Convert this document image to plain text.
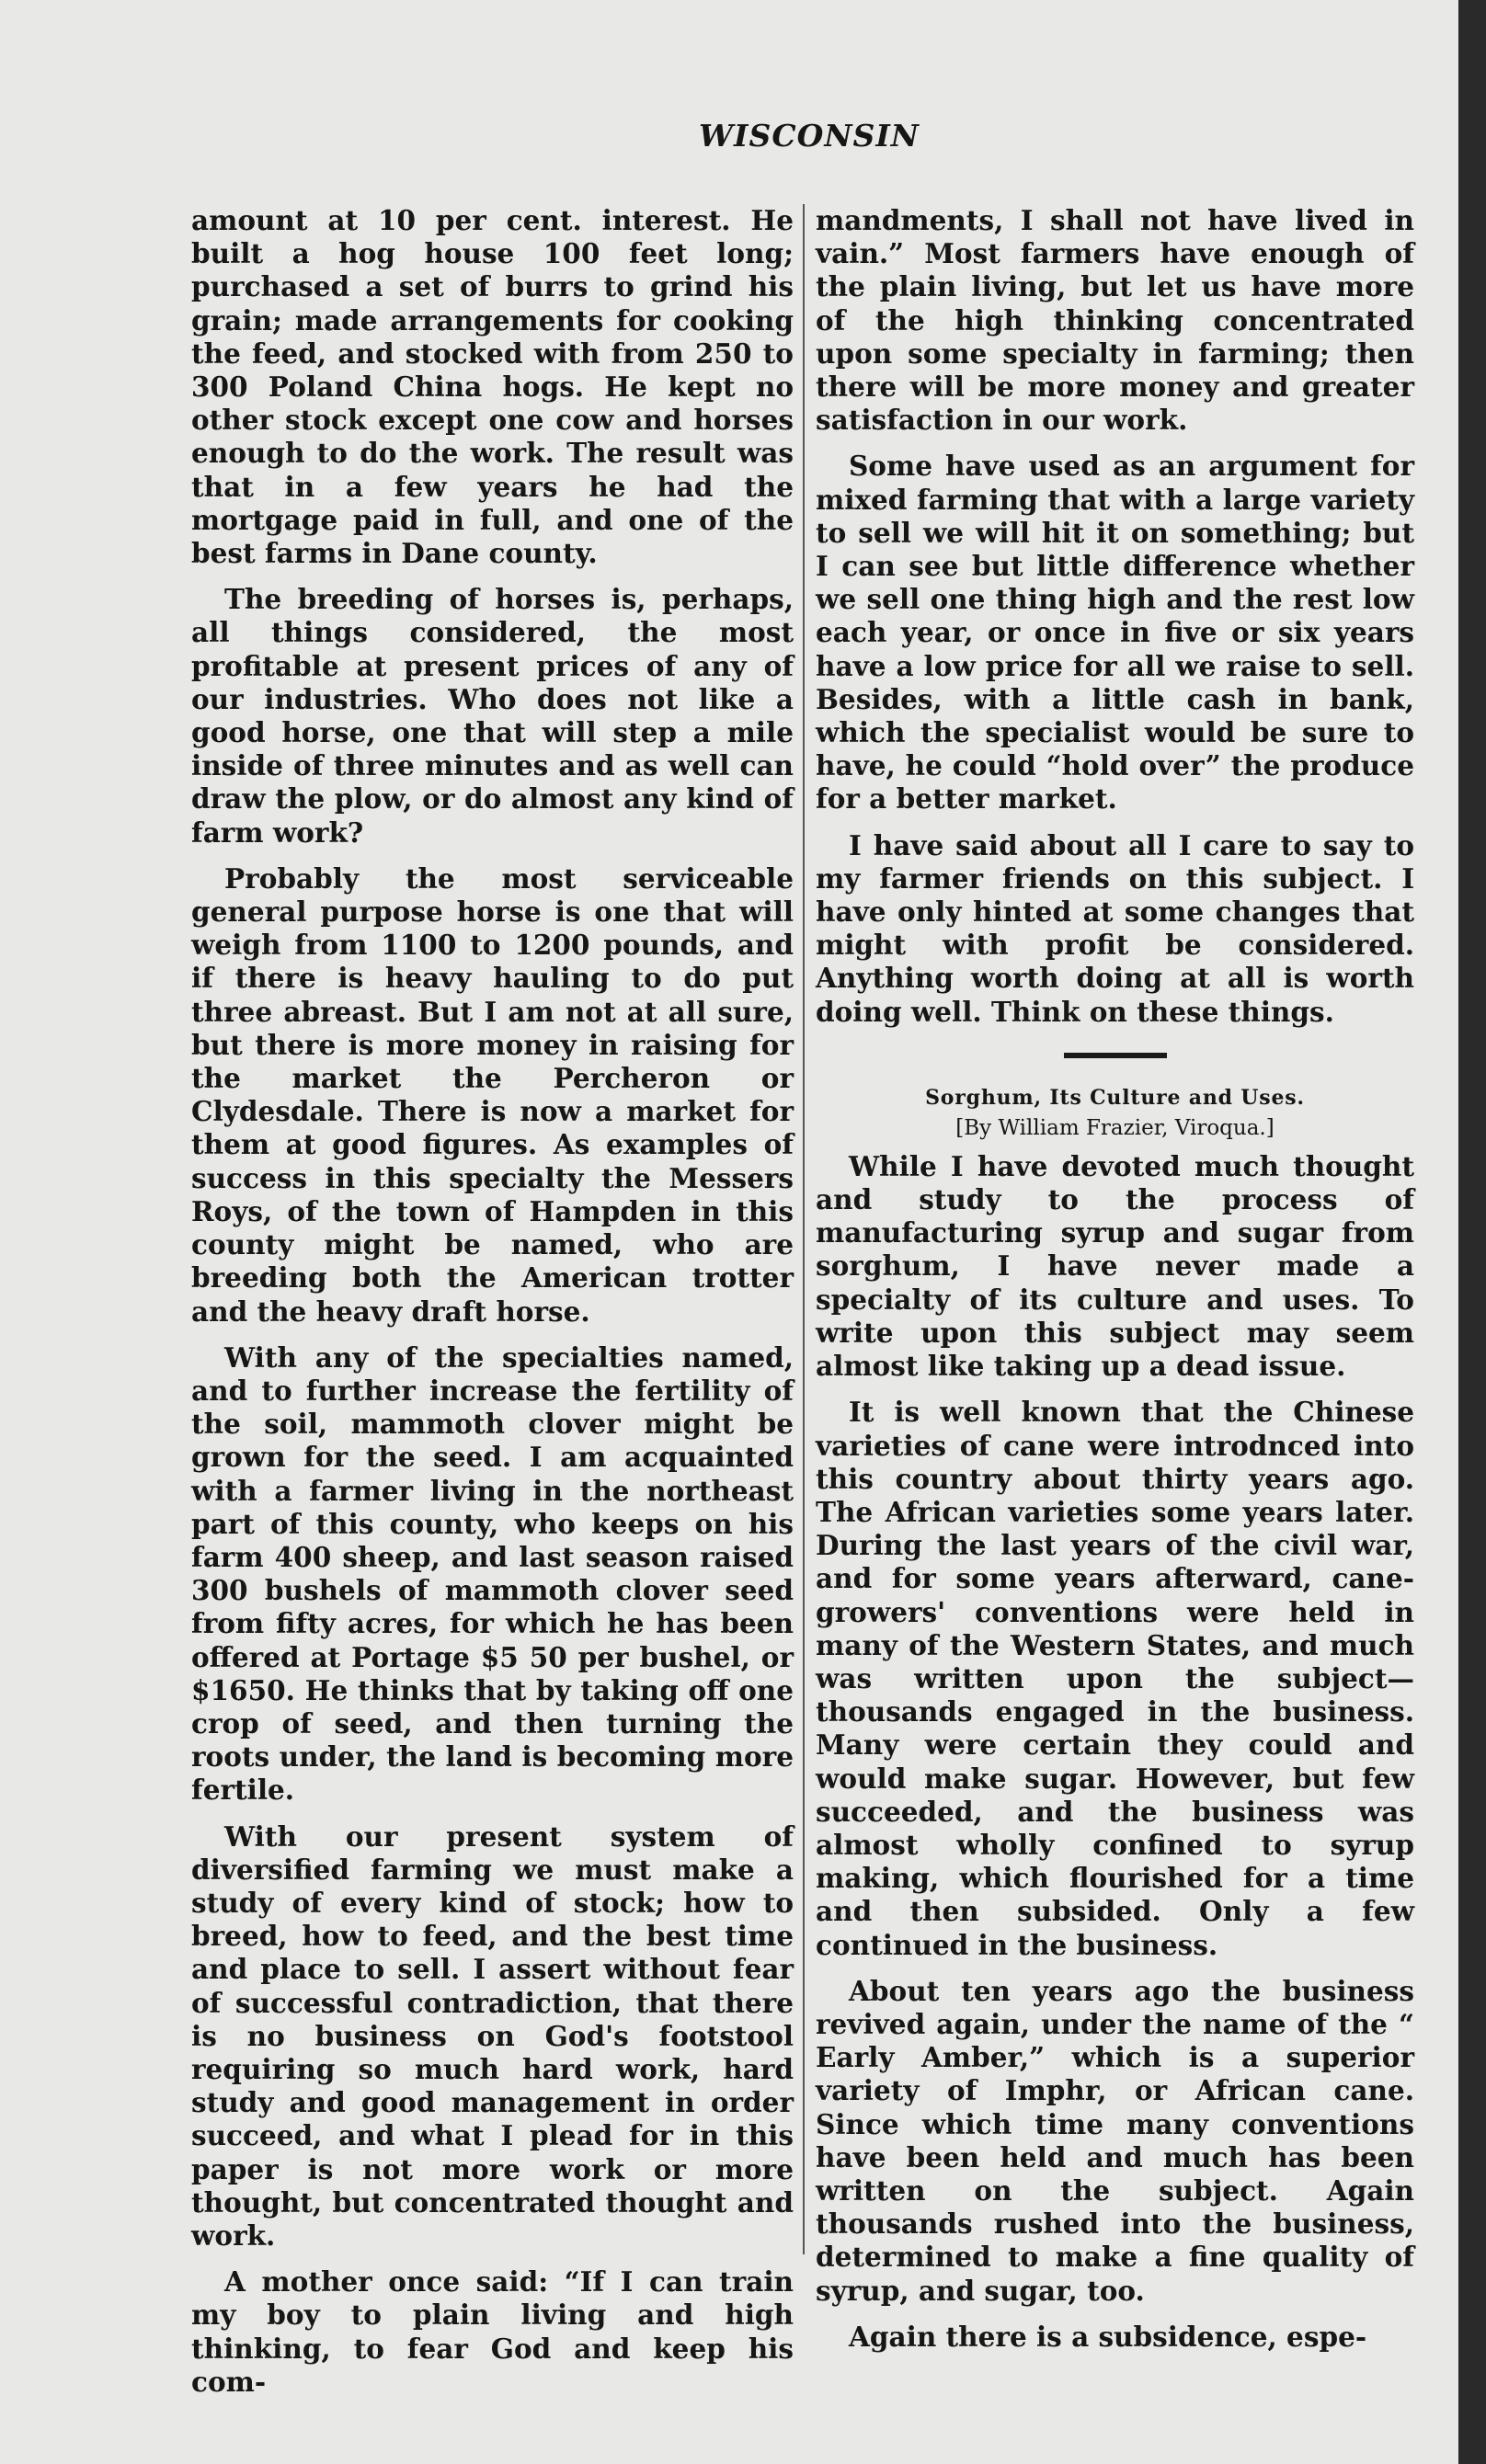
WISCONSIN

amount at 10 per cent. interest. He built a hog house 100 feet long; purchased a set of burrs to grind his grain; made arrangements for cooking the feed, and stocked with from 250 to 300 Poland China hogs. He kept no other stock except one cow and horses enough to do the work. The result was that in a few years he had the mortgage paid in full, and one of the best farms in Dane county.

The breeding of horses is, perhaps, all things considered, the most profitable at present prices of any of our industries. Who does not like a good horse, one that will step a mile inside of three minutes and as well can draw the plow, or do almost any kind of farm work?

Probably the most serviceable general purpose horse is one that will weigh from 1100 to 1200 pounds, and if there is heavy hauling to do put three abreast. But I am not at all sure, but there is more money in raising for the market the Percheron or Clydesdale. There is now a market for them at good figures. As examples of success in this specialty the Messers Roys, of the town of Hampden in this county might be named, who are breeding both the American trotter and the heavy draft horse.

With any of the specialties named, and to further increase the fertility of the soil, mammoth clover might be grown for the seed. I am acquainted with a farmer living in the northeast part of this county, who keeps on his farm 400 sheep, and last season raised 300 bushels of mammoth clover seed from fifty acres, for which he has been offered at Portage $5 50 per bushel, or $1650. He thinks that by taking off one crop of seed, and then turning the roots under, the land is becoming more fertile.

With our present system of diversified farming we must make a study of every kind of stock; how to breed, how to feed, and the best time and place to sell. I assert without fear of successful contradiction, that there is no business on God's footstool requiring so much hard work, hard study and good management in order succeed, and what I plead for in this paper is not more work or more thought, but concentrated thought and work.

A mother once said: “If I can train my boy to plain living and high thinking, to fear God and keep his com-

mandments, I shall not have lived in vain.” Most farmers have enough of the plain living, but let us have more of the high thinking concentrated upon some specialty in farming; then there will be more money and greater satisfaction in our work.

Some have used as an argument for mixed farming that with a large variety to sell we will hit it on something; but I can see but little difference whether we sell one thing high and the rest low each year, or once in five or six years have a low price for all we raise to sell. Besides, with a little cash in bank, which the specialist would be sure to have, he could “hold over” the produce for a better market.

I have said about all I care to say to my farmer friends on this subject. I have only hinted at some changes that might with profit be considered. Anything worth doing at all is worth doing well. Think on these things.

Sorghum, Its Culture and Uses.
[By William Frazier, Viroqua.]

While I have devoted much thought and study to the process of manufacturing syrup and sugar from sorghum, I have never made a specialty of its culture and uses. To write upon this subject may seem almost like taking up a dead issue.

It is well known that the Chinese varieties of cane were introdnced into this country about thirty years ago. The African varieties some years later. During the last years of the civil war, and for some years afterward, cane-growers' conventions were held in many of the Western States, and much was written upon the subject—thousands engaged in the business. Many were certain they could and would make sugar. However, but few succeeded, and the business was almost wholly confined to syrup making, which flourished for a time and then subsided. Only a few continued in the business.

About ten years ago the business revived again, under the name of the “ Early Amber,” which is a superior variety of Imphr, or African cane. Since which time many conventions have been held and much has been written on the subject. Again thousands rushed into the business, determined to make a fine quality of syrup, and sugar, too.

Again there is a subsidence, espe-
